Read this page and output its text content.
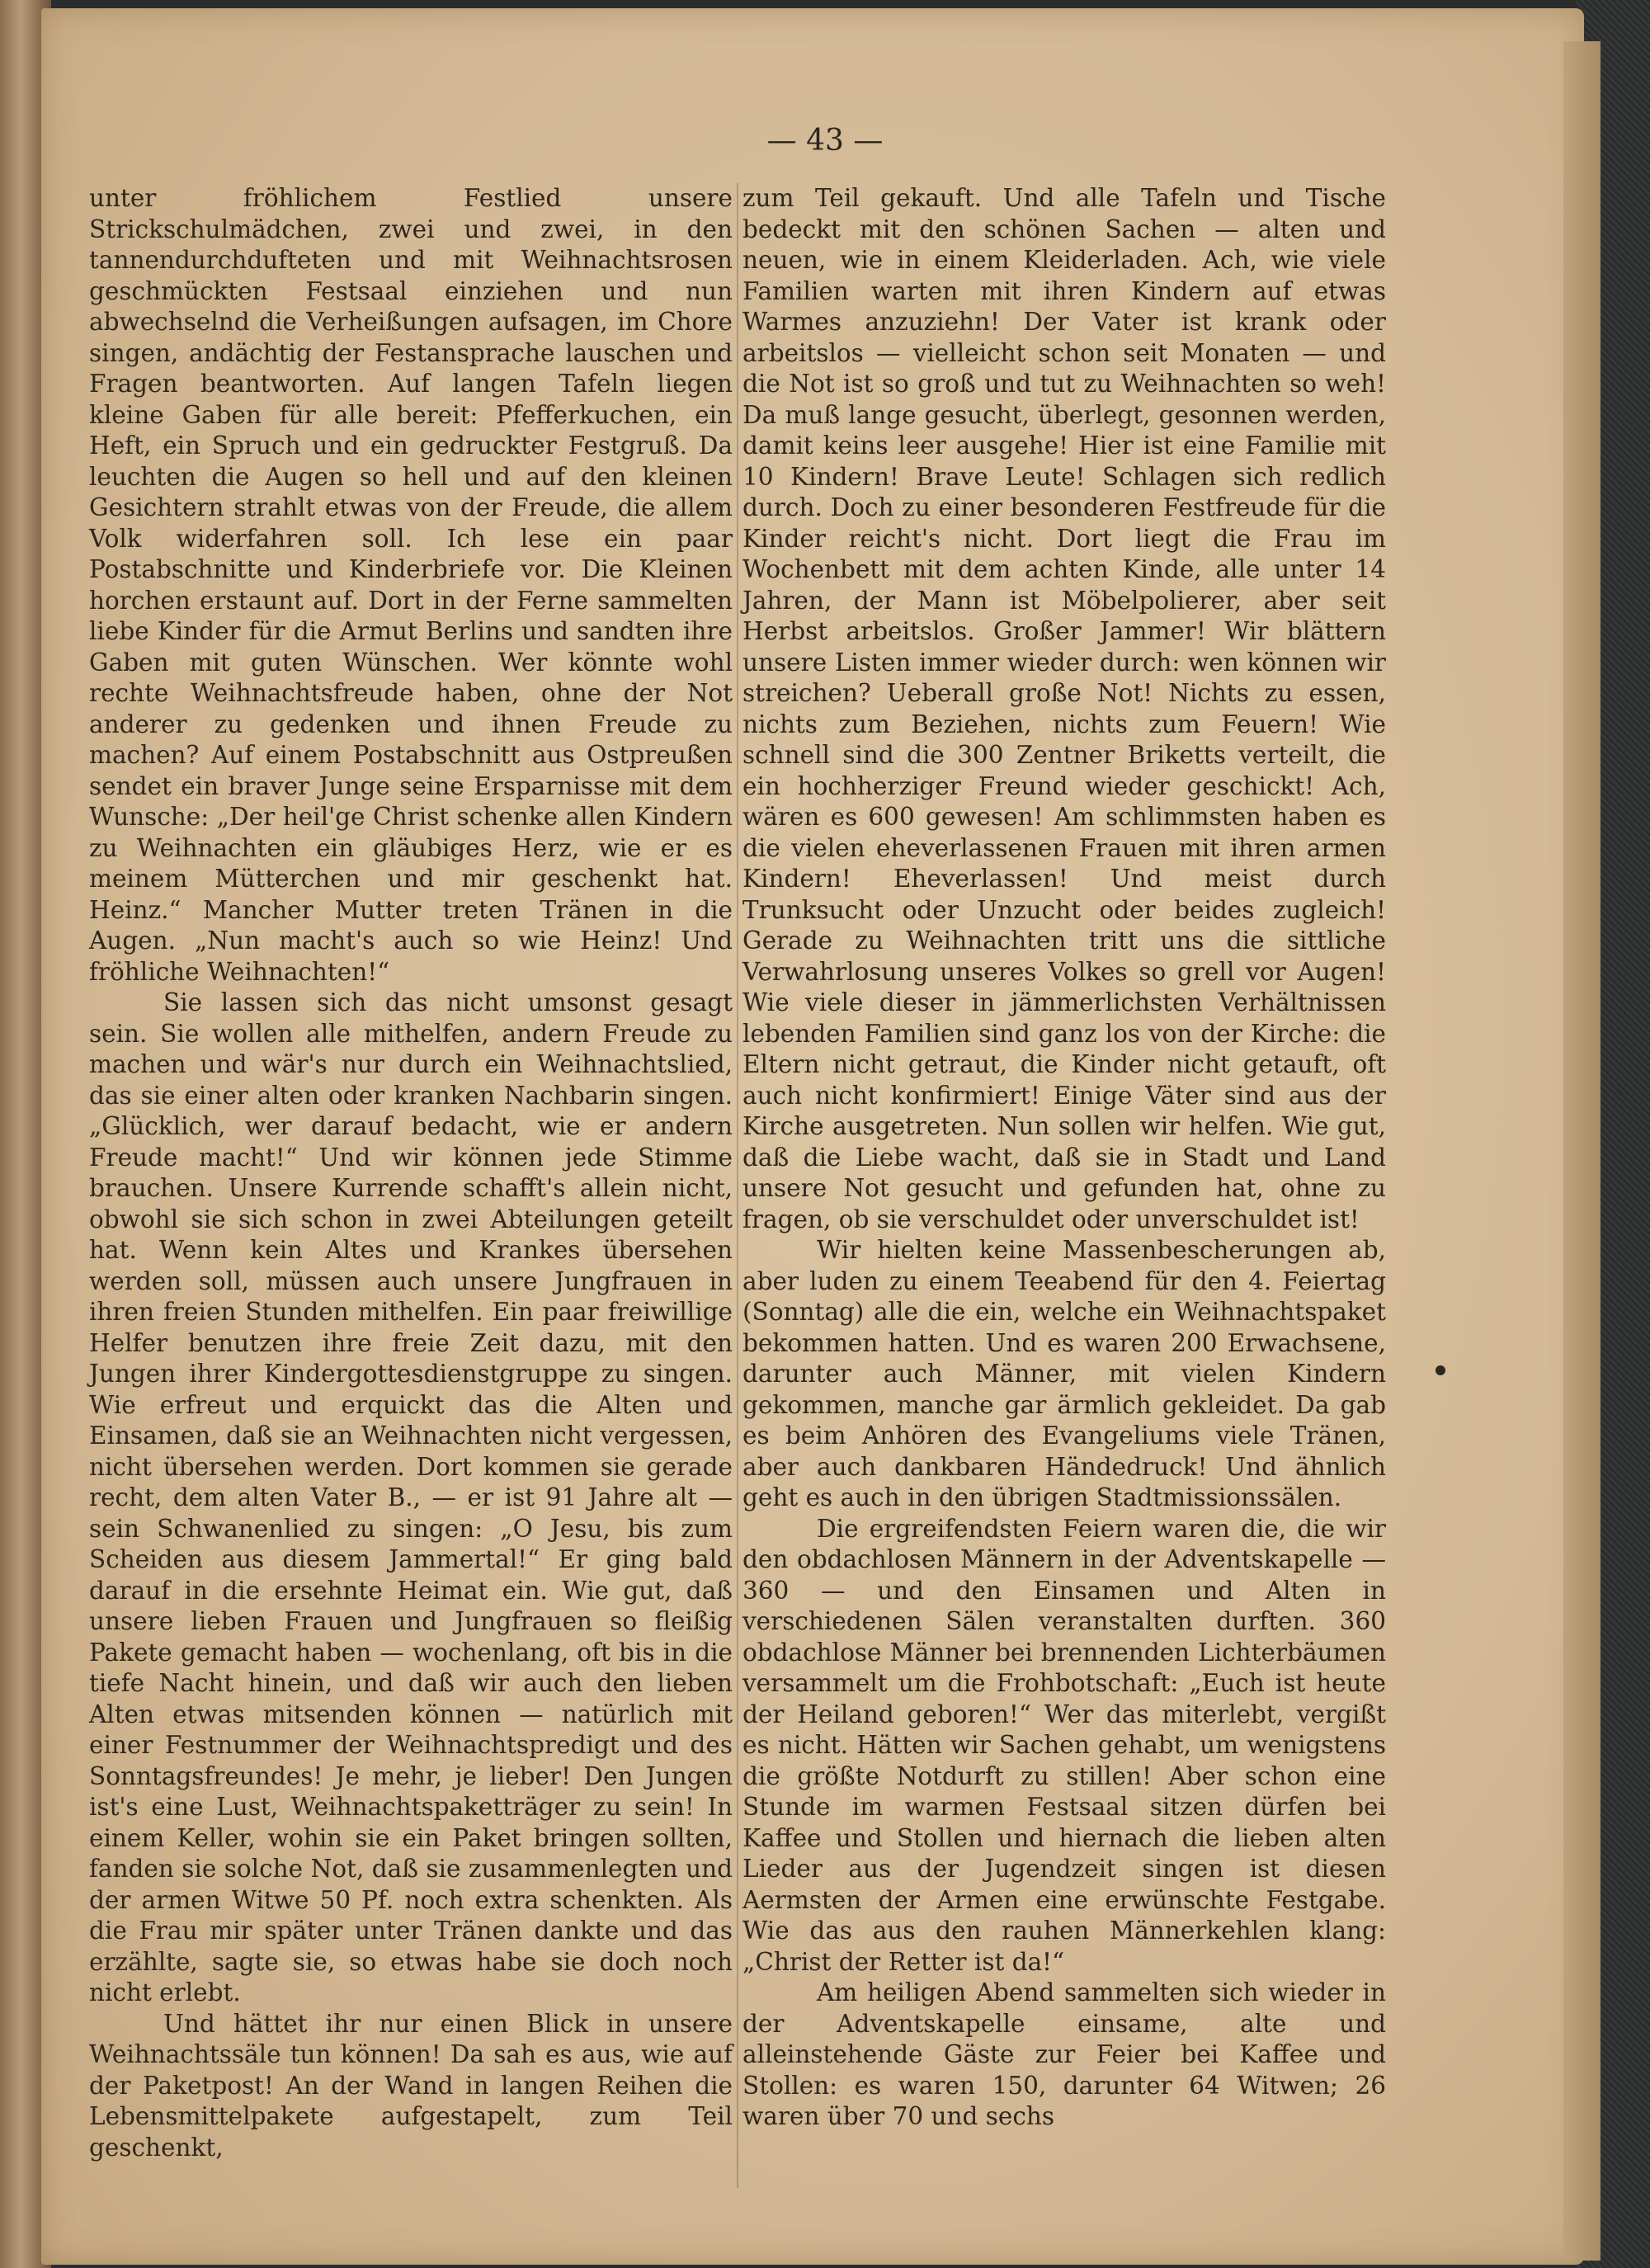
— 43 —

unter fröhlichem Festlied unsere Strickschulmädchen, zwei und zwei, in den tannendurchdufteten und mit Weihnachtsrosen geschmückten Festsaal einziehen und nun abwechselnd die Verheißungen aufsagen, im Chore singen, andächtig der Festansprache lauschen und Fragen beantworten. Auf langen Tafeln liegen kleine Gaben für alle bereit: Pfefferkuchen, ein Heft, ein Spruch und ein gedruckter Festgruß. Da leuchten die Augen so hell und auf den kleinen Gesichtern strahlt etwas von der Freude, die allem Volk widerfahren soll. Ich lese ein paar Postabschnitte und Kinderbriefe vor. Die Kleinen horchen erstaunt auf. Dort in der Ferne sammelten liebe Kinder für die Armut Berlins und sandten ihre Gaben mit guten Wünschen. Wer könnte wohl rechte Weihnachtsfreude haben, ohne der Not anderer zu gedenken und ihnen Freude zu machen? Auf einem Postabschnitt aus Ostpreußen sendet ein braver Junge seine Ersparnisse mit dem Wunsche: „Der heil'ge Christ schenke allen Kindern zu Weihnachten ein gläubiges Herz, wie er es meinem Mütterchen und mir geschenkt hat. Heinz.“ Mancher Mutter treten Tränen in die Augen. „Nun macht's auch so wie Heinz! Und fröhliche Weihnachten!“

Sie lassen sich das nicht umsonst gesagt sein. Sie wollen alle mithelfen, andern Freude zu machen und wär's nur durch ein Weihnachtslied, das sie einer alten oder kranken Nachbarin singen. „Glücklich, wer darauf bedacht, wie er andern Freude macht!“ Und wir können jede Stimme brauchen. Unsere Kurrende schafft's allein nicht, obwohl sie sich schon in zwei Abteilungen geteilt hat. Wenn kein Altes und Krankes übersehen werden soll, müssen auch unsere Jungfrauen in ihren freien Stunden mithelfen. Ein paar freiwillige Helfer benutzen ihre freie Zeit dazu, mit den Jungen ihrer Kindergottesdienstgruppe zu singen. Wie erfreut und erquickt das die Alten und Einsamen, daß sie an Weihnachten nicht vergessen, nicht übersehen werden. Dort kommen sie gerade recht, dem alten Vater B., — er ist 91 Jahre alt — sein Schwanenlied zu singen: „O Jesu, bis zum Scheiden aus diesem Jammertal!“ Er ging bald darauf in die ersehnte Heimat ein. Wie gut, daß unsere lieben Frauen und Jungfrauen so fleißig Pakete gemacht haben — wochenlang, oft bis in die tiefe Nacht hinein, und daß wir auch den lieben Alten etwas mitsenden können — natürlich mit einer Festnummer der Weihnachtspredigt und des Sonntagsfreundes! Je mehr, je lieber! Den Jungen ist's eine Lust, Weihnachtspaketträger zu sein! In einem Keller, wohin sie ein Paket bringen sollten, fanden sie solche Not, daß sie zusammenlegten und der armen Witwe 50 Pf. noch extra schenkten. Als die Frau mir später unter Tränen dankte und das erzählte, sagte sie, so etwas habe sie doch noch nicht erlebt.

Und hättet ihr nur einen Blick in unsere Weihnachtssäle tun können! Da sah es aus, wie auf der Paketpost! An der Wand in langen Reihen die Lebensmittelpakete aufgestapelt, zum Teil geschenkt,

zum Teil gekauft. Und alle Tafeln und Tische bedeckt mit den schönen Sachen — alten und neuen, wie in einem Kleiderladen. Ach, wie viele Familien warten mit ihren Kindern auf etwas Warmes anzuziehn! Der Vater ist krank oder arbeitslos — vielleicht schon seit Monaten — und die Not ist so groß und tut zu Weihnachten so weh! Da muß lange gesucht, überlegt, gesonnen werden, damit keins leer ausgehe! Hier ist eine Familie mit 10 Kindern! Brave Leute! Schlagen sich redlich durch. Doch zu einer besonderen Festfreude für die Kinder reicht's nicht. Dort liegt die Frau im Wochenbett mit dem achten Kinde, alle unter 14 Jahren, der Mann ist Möbelpolierer, aber seit Herbst arbeitslos. Großer Jammer! Wir blättern unsere Listen immer wieder durch: wen können wir streichen? Ueberall große Not! Nichts zu essen, nichts zum Beziehen, nichts zum Feuern! Wie schnell sind die 300 Zentner Briketts verteilt, die ein hochherziger Freund wieder geschickt! Ach, wären es 600 gewesen! Am schlimmsten haben es die vielen eheverlassenen Frauen mit ihren armen Kindern! Eheverlassen! Und meist durch Trunksucht oder Unzucht oder beides zugleich! Gerade zu Weihnachten tritt uns die sittliche Verwahrlosung unseres Volkes so grell vor Augen! Wie viele dieser in jämmerlichsten Verhältnissen lebenden Familien sind ganz los von der Kirche: die Eltern nicht getraut, die Kinder nicht getauft, oft auch nicht konfirmiert! Einige Väter sind aus der Kirche ausgetreten. Nun sollen wir helfen. Wie gut, daß die Liebe wacht, daß sie in Stadt und Land unsere Not gesucht und gefunden hat, ohne zu fragen, ob sie verschuldet oder unverschuldet ist!

Wir hielten keine Massenbescherungen ab, aber luden zu einem Teeabend für den 4. Feiertag (Sonntag) alle die ein, welche ein Weihnachtspaket bekommen hatten. Und es waren 200 Erwachsene, darunter auch Männer, mit vielen Kindern gekommen, manche gar ärmlich gekleidet. Da gab es beim Anhören des Evangeliums viele Tränen, aber auch dankbaren Händedruck! Und ähnlich geht es auch in den übrigen Stadtmissionssälen.

Die ergreifendsten Feiern waren die, die wir den obdachlosen Männern in der Adventskapelle — 360 — und den Einsamen und Alten in verschiedenen Sälen veranstalten durften. 360 obdachlose Männer bei brennenden Lichterbäumen versammelt um die Frohbotschaft: „Euch ist heute der Heiland geboren!“ Wer das miterlebt, vergißt es nicht. Hätten wir Sachen gehabt, um wenigstens die größte Notdurft zu stillen! Aber schon eine Stunde im warmen Festsaal sitzen dürfen bei Kaffee und Stollen und hiernach die lieben alten Lieder aus der Jugendzeit singen ist diesen Aermsten der Armen eine erwünschte Festgabe. Wie das aus den rauhen Männerkehlen klang: „Christ der Retter ist da!“

Am heiligen Abend sammelten sich wieder in der Adventskapelle einsame, alte und alleinstehende Gäste zur Feier bei Kaffee und Stollen: es waren 150, darunter 64 Witwen; 26 waren über 70 und sechs
